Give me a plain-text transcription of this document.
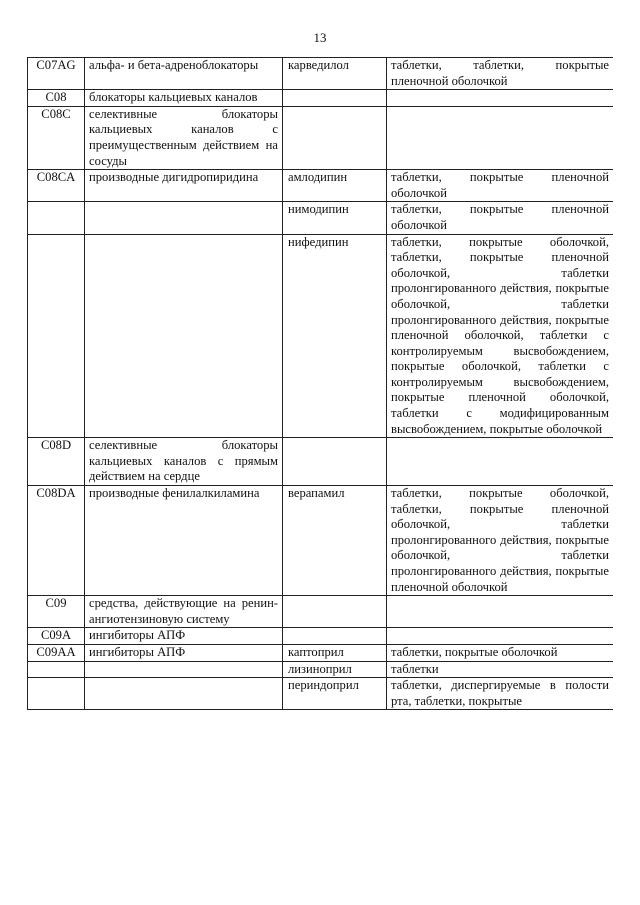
13
C07AG	альфа- и бета-адреноблокаторы	карведилол	таблетки, таблетки, покрытые пленочной оболочкой
C08	блокаторы кальциевых каналов		
C08C	селективные блокаторы кальциевых каналов с преимущественным действием на сосуды		
C08CA	производные дигидропиридина	амлодипин	таблетки, покрытые пленочной оболочкой
		нимодипин	таблетки, покрытые пленочной оболочкой
		нифедипин	таблетки, покрытые оболочкой, таблетки, покрытые пленочной оболочкой, таблетки пролонгированного действия, покрытые оболочкой, таблетки пролонгированного действия, покрытые пленочной оболочкой, таблетки с контролируемым высвобождением, покрытые оболочкой, таблетки с контролируемым высвобождением, покрытые пленочной оболочкой, таблетки с модифицированным высвобождением, покрытые оболочкой
C08D	селективные блокаторы кальциевых каналов с прямым действием на сердце		
C08DA	производные фенилалкиламина	верапамил	таблетки, покрытые оболочкой, таблетки, покрытые пленочной оболочкой, таблетки пролонгированного действия, покрытые оболочкой, таблетки пролонгированного действия, покрытые пленочной оболочкой
C09	средства, действующие на ренин-ангиотензиновую систему		
C09A	ингибиторы АПФ		
C09AA	ингибиторы АПФ	каптоприл	таблетки, покрытые оболочкой
		лизиноприл	таблетки
		периндоприл	таблетки, диспергируемые в полости рта, таблетки, покрытые
